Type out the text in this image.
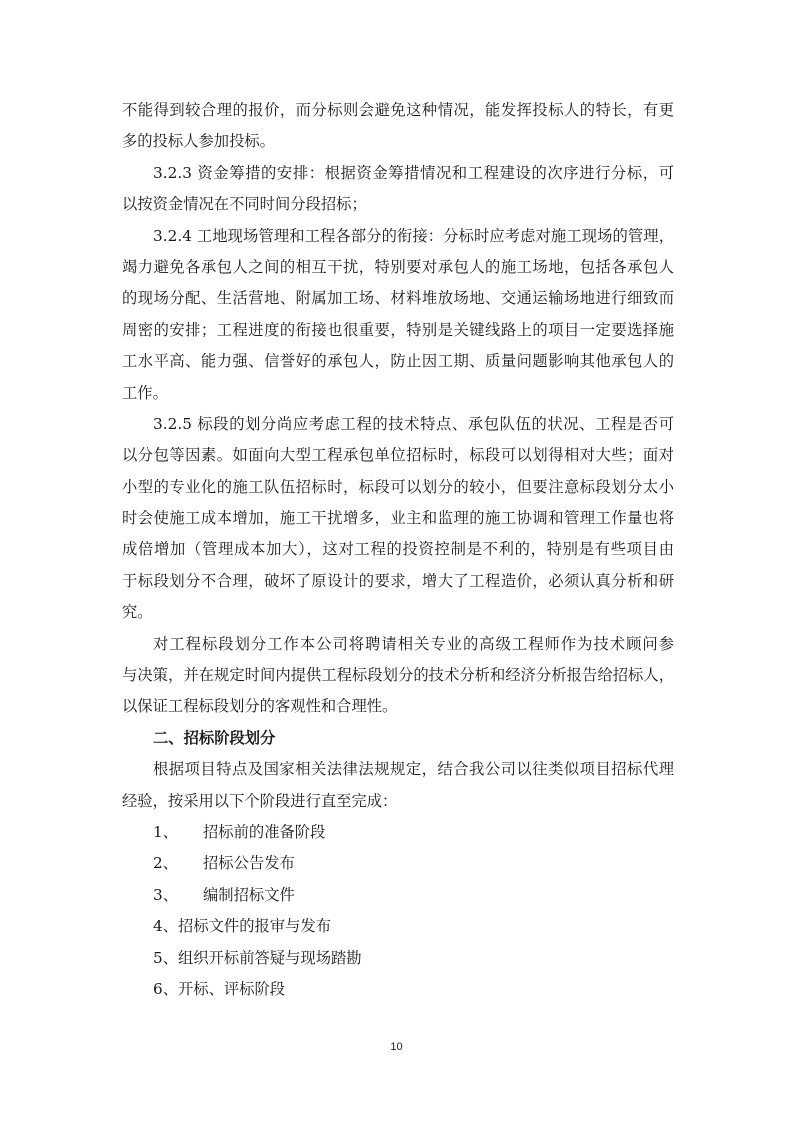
不能得到较合理的报价，而分标则会避免这种情况，能发挥投标人的特长，有更
多的投标人参加投标。
3.2.3 资金筹措的安排：根据资金筹措情况和工程建设的次序进行分标，可
以按资金情况在不同时间分段招标；
3.2.4 工地现场管理和工程各部分的衔接：分标时应考虑对施工现场的管理，
竭力避免各承包人之间的相互干扰，特别要对承包人的施工场地，包括各承包人
的现场分配、生活营地、附属加工场、材料堆放场地、交通运输场地进行细致而
周密的安排；工程进度的衔接也很重要，特别是关键线路上的项目一定要选择施
工水平高、能力强、信誉好的承包人，防止因工期、质量问题影响其他承包人的
工作。
3.2.5 标段的划分尚应考虑工程的技术特点、承包队伍的状况、工程是否可
以分包等因素。如面向大型工程承包单位招标时，标段可以划得相对大些；面对
小型的专业化的施工队伍招标时，标段可以划分的较小，但要注意标段划分太小
时会使施工成本增加，施工干扰增多，业主和监理的施工协调和管理工作量也将
成倍增加（管理成本加大），这对工程的投资控制是不利的，特别是有些项目由
于标段划分不合理，破坏了原设计的要求，增大了工程造价，必须认真分析和研
究。
对工程标段划分工作本公司将聘请相关专业的高级工程师作为技术顾问参
与决策，并在规定时间内提供工程标段划分的技术分析和经济分析报告给招标人，
以保证工程标段划分的客观性和合理性。
二、招标阶段划分
根据项目特点及国家相关法律法规规定，结合我公司以往类似项目招标代理
经验，按采用以下个阶段进行直至完成：
1、 招标前的准备阶段
2、 招标公告发布
3、 编制招标文件
4、招标文件的报审与发布
5、组织开标前答疑与现场踏勘
6、开标、评标阶段
10
